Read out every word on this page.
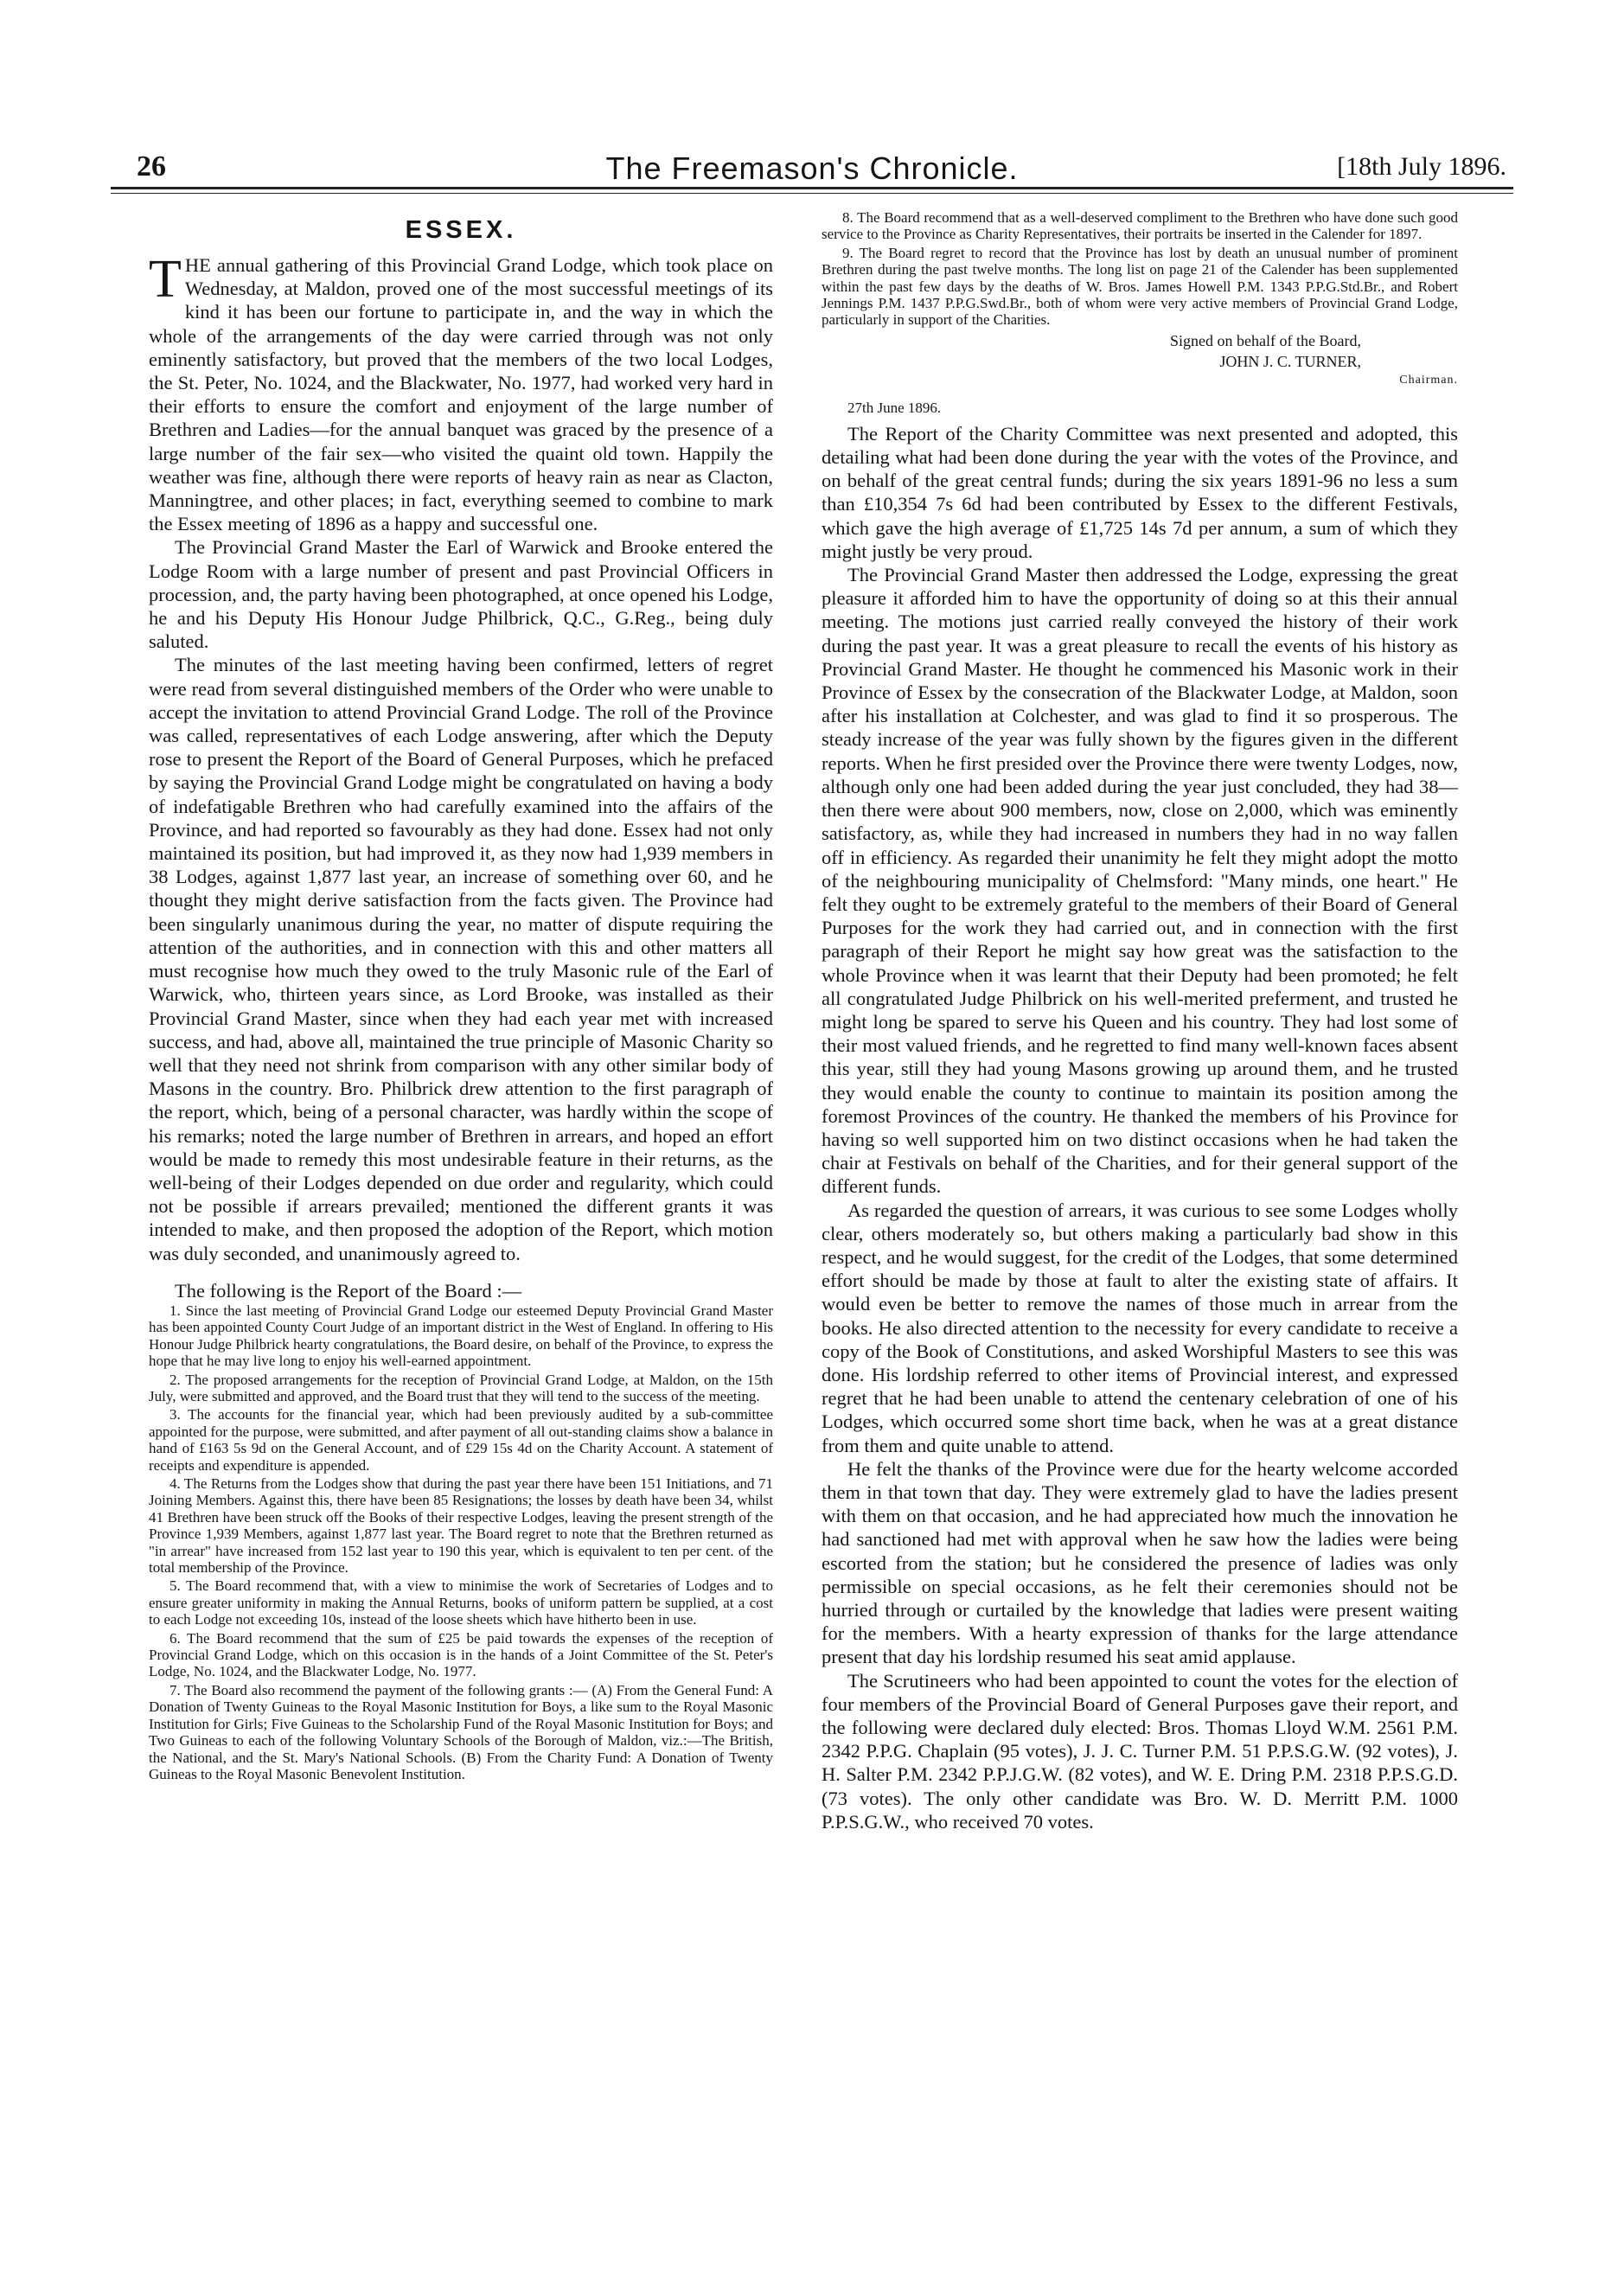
26	The Freemason's Chronicle.	[18th July 1896.
ESSEX.

THE annual gathering of this Provincial Grand Lodge, which took place on Wednesday, at Maldon, proved one of the most successful meetings of its kind it has been our fortune to participate in, and the way in which the whole of the arrangements of the day were carried through was not only eminently satisfactory, but proved that the members of the two local Lodges, the St. Peter, No. 1024, and the Blackwater, No. 1977, had worked very hard in their efforts to ensure the comfort and enjoyment of the large number of Brethren and Ladies—for the annual banquet was graced by the presence of a large number of the fair sex—who visited the quaint old town. Happily the weather was fine, although there were reports of heavy rain as near as Clacton, Manningtree, and other places; in fact, everything seemed to combine to mark the Essex meeting of 1896 as a happy and successful one.

The Provincial Grand Master the Earl of Warwick and Brooke entered the Lodge Room with a large number of present and past Provincial Officers in procession, and, the party having been photographed, at once opened his Lodge, he and his Deputy His Honour Judge Philbrick, Q.C., G.Reg., being duly saluted.

The minutes of the last meeting having been confirmed, letters of regret were read from several distinguished members of the Order who were unable to accept the invitation to attend Provincial Grand Lodge. The roll of the Province was called, representatives of each Lodge answering, after which the Deputy rose to present the Report of the Board of General Purposes, which he prefaced by saying the Provincial Grand Lodge might be congratulated on having a body of indefatigable Brethren who had carefully examined into the affairs of the Province, and had reported so favourably as they had done. Essex had not only maintained its position, but had improved it, as they now had 1,939 members in 38 Lodges, against 1,877 last year, an increase of something over 60, and he thought they might derive satisfaction from the facts given. The Province had been singularly unanimous during the year, no matter of dispute requiring the attention of the authorities, and in connection with this and other matters all must recognise how much they owed to the truly Masonic rule of the Earl of Warwick, who, thirteen years since, as Lord Brooke, was installed as their Provincial Grand Master, since when they had each year met with increased success, and had, above all, maintained the true principle of Masonic Charity so well that they need not shrink from comparison with any other similar body of Masons in the country. Bro. Philbrick drew attention to the first paragraph of the report, which, being of a personal character, was hardly within the scope of his remarks; noted the large number of Brethren in arrears, and hoped an effort would be made to remedy this most undesirable feature in their returns, as the well-being of their Lodges depended on due order and regularity, which could not be possible if arrears prevailed; mentioned the different grants it was intended to make, and then proposed the adoption of the Report, which motion was duly seconded, and unanimously agreed to.

The following is the Report of the Board :—

1. Since the last meeting of Provincial Grand Lodge our esteemed Deputy Provincial Grand Master has been appointed County Court Judge of an important district in the West of England. In offering to His Honour Judge Philbrick hearty congratulations, the Board desire, on behalf of the Province, to express the hope that he may live long to enjoy his well-earned appointment.

2. The proposed arrangements for the reception of Provincial Grand Lodge, at Maldon, on the 15th July, were submitted and approved, and the Board trust that they will tend to the success of the meeting.

3. The accounts for the financial year, which had been previously audited by a sub-committee appointed for the purpose, were submitted, and after payment of all out-standing claims show a balance in hand of £163 5s 9d on the General Account, and of £29 15s 4d on the Charity Account. A statement of receipts and expenditure is appended.

4. The Returns from the Lodges show that during the past year there have been 151 Initiations, and 71 Joining Members. Against this, there have been 85 Resignations; the losses by death have been 34, whilst 41 Brethren have been struck off the Books of their respective Lodges, leaving the present strength of the Province 1,939 Members, against 1,877 last year. The Board regret to note that the Brethren returned as "in arrear" have increased from 152 last year to 190 this year, which is equivalent to ten per cent. of the total membership of the Province.

5. The Board recommend that, with a view to minimise the work of Secretaries of Lodges and to ensure greater uniformity in making the Annual Returns, books of uniform pattern be supplied, at a cost to each Lodge not exceeding 10s, instead of the loose sheets which have hitherto been in use.

6. The Board recommend that the sum of £25 be paid towards the expenses of the reception of Provincial Grand Lodge, which on this occasion is in the hands of a Joint Committee of the St. Peter's Lodge, No. 1024, and the Blackwater Lodge, No. 1977.

7. The Board also recommend the payment of the following grants :— (A) From the General Fund: A Donation of Twenty Guineas to the Royal Masonic Institution for Boys, a like sum to the Royal Masonic Institution for Girls; Five Guineas to the Scholarship Fund of the Royal Masonic Institution for Boys; and Two Guineas to each of the following Voluntary Schools of the Borough of Maldon, viz.:—The British, the National, and the St. Mary's National Schools. (B) From the Charity Fund: A Donation of Twenty Guineas to the Royal Masonic Benevolent Institution.

8. The Board recommend that as a well-deserved compliment to the Brethren who have done such good service to the Province as Charity Representatives, their portraits be inserted in the Calender for 1897.

9. The Board regret to record that the Province has lost by death an unusual number of prominent Brethren during the past twelve months. The long list on page 21 of the Calender has been supplemented within the past few days by the deaths of W. Bros. James Howell P.M. 1343 P.P.G.Std.Br., and Robert Jennings P.M. 1437 P.P.G.Swd.Br., both of whom were very active members of Provincial Grand Lodge, particularly in support of the Charities.

Signed on behalf of the Board,

JOHN J. C. TURNER,

Chairman.

27th June 1896.

The Report of the Charity Committee was next presented and adopted, this detailing what had been done during the year with the votes of the Province, and on behalf of the great central funds; during the six years 1891-96 no less a sum than £10,354 7s 6d had been contributed by Essex to the different Festivals, which gave the high average of £1,725 14s 7d per annum, a sum of which they might justly be very proud.

The Provincial Grand Master then addressed the Lodge, expressing the great pleasure it afforded him to have the opportunity of doing so at this their annual meeting. The motions just carried really conveyed the history of their work during the past year. It was a great pleasure to recall the events of his history as Provincial Grand Master. He thought he commenced his Masonic work in their Province of Essex by the consecration of the Blackwater Lodge, at Maldon, soon after his installation at Colchester, and was glad to find it so prosperous. The steady increase of the year was fully shown by the figures given in the different reports. When he first presided over the Province there were twenty Lodges, now, although only one had been added during the year just concluded, they had 38—then there were about 900 members, now, close on 2,000, which was eminently satisfactory, as, while they had increased in numbers they had in no way fallen off in efficiency. As regarded their unanimity he felt they might adopt the motto of the neighbouring municipality of Chelmsford: "Many minds, one heart." He felt they ought to be extremely grateful to the members of their Board of General Purposes for the work they had carried out, and in connection with the first paragraph of their Report he might say how great was the satisfaction to the whole Province when it was learnt that their Deputy had been promoted; he felt all congratulated Judge Philbrick on his well-merited preferment, and trusted he might long be spared to serve his Queen and his country. They had lost some of their most valued friends, and he regretted to find many well-known faces absent this year, still they had young Masons growing up around them, and he trusted they would enable the county to continue to maintain its position among the foremost Provinces of the country. He thanked the members of his Province for having so well supported him on two distinct occasions when he had taken the chair at Festivals on behalf of the Charities, and for their general support of the different funds.

As regarded the question of arrears, it was curious to see some Lodges wholly clear, others moderately so, but others making a particularly bad show in this respect, and he would suggest, for the credit of the Lodges, that some determined effort should be made by those at fault to alter the existing state of affairs. It would even be better to remove the names of those much in arrear from the books. He also directed attention to the necessity for every candidate to receive a copy of the Book of Constitutions, and asked Worshipful Masters to see this was done. His lordship referred to other items of Provincial interest, and expressed regret that he had been unable to attend the centenary celebration of one of his Lodges, which occurred some short time back, when he was at a great distance from them and quite unable to attend.

He felt the thanks of the Province were due for the hearty welcome accorded them in that town that day. They were extremely glad to have the ladies present with them on that occasion, and he had appreciated how much the innovation he had sanctioned had met with approval when he saw how the ladies were being escorted from the station; but he considered the presence of ladies was only permissible on special occasions, as he felt their ceremonies should not be hurried through or curtailed by the knowledge that ladies were present waiting for the members. With a hearty expression of thanks for the large attendance present that day his lordship resumed his seat amid applause.

The Scrutineers who had been appointed to count the votes for the election of four members of the Provincial Board of General Purposes gave their report, and the following were declared duly elected: Bros. Thomas Lloyd W.M. 2561 P.M. 2342 P.P.G. Chaplain (95 votes), J. J. C. Turner P.M. 51 P.P.S.G.W. (92 votes), J. H. Salter P.M. 2342 P.P.J.G.W. (82 votes), and W. E. Dring P.M. 2318 P.P.S.G.D. (73 votes). The only other candidate was Bro. W. D. Merritt P.M. 1000 P.P.S.G.W., who received 70 votes.
